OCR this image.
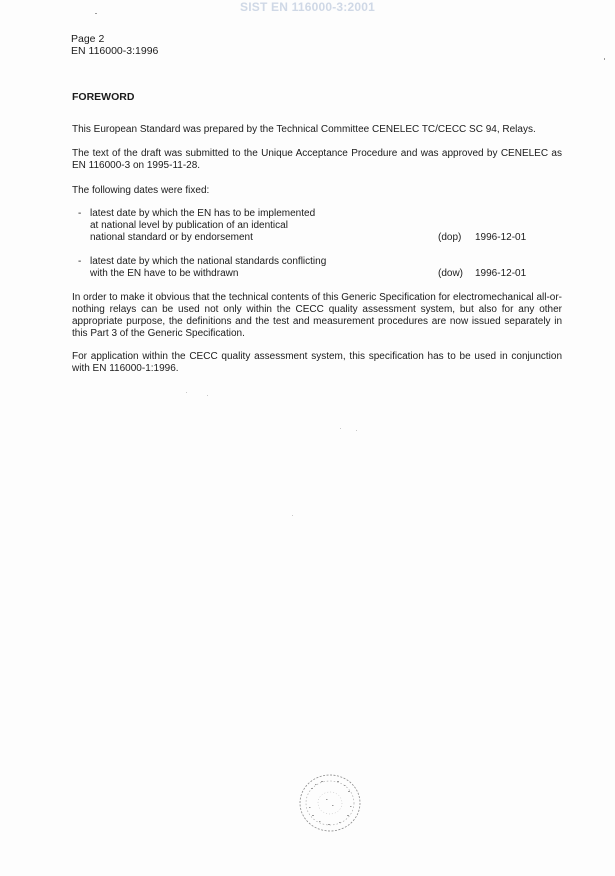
SIST EN 116000-3:2001
Page 2
EN 116000-3:1996
FOREWORD
This European Standard was prepared by the Technical Committee CENELEC TC/CECC SC 94, Relays.
The text of the draft was submitted to the Unique Acceptance Procedure and was approved by CENELEC as EN 116000-3 on 1995-11-28.
The following dates were fixed:
- latest date by which the EN has to be implemented
at national level by publication of an identical
national standard or by endorsement	(dop) 1996-12-01
- latest date by which the national standards conflicting
with the EN have to be withdrawn	(dow) 1996-12-01
In order to make it obvious that the technical contents of this Generic Specification for electromechanical all-or-nothing relays can be used not only within the CECC quality assessment system, but also for any other appropriate purpose, the definitions and the test and measurement procedures are now issued separately in this Part 3 of the Generic Specification.
For application within the CECC quality assessment system, this specification has to be used in conjunction with EN 116000-1:1996.
